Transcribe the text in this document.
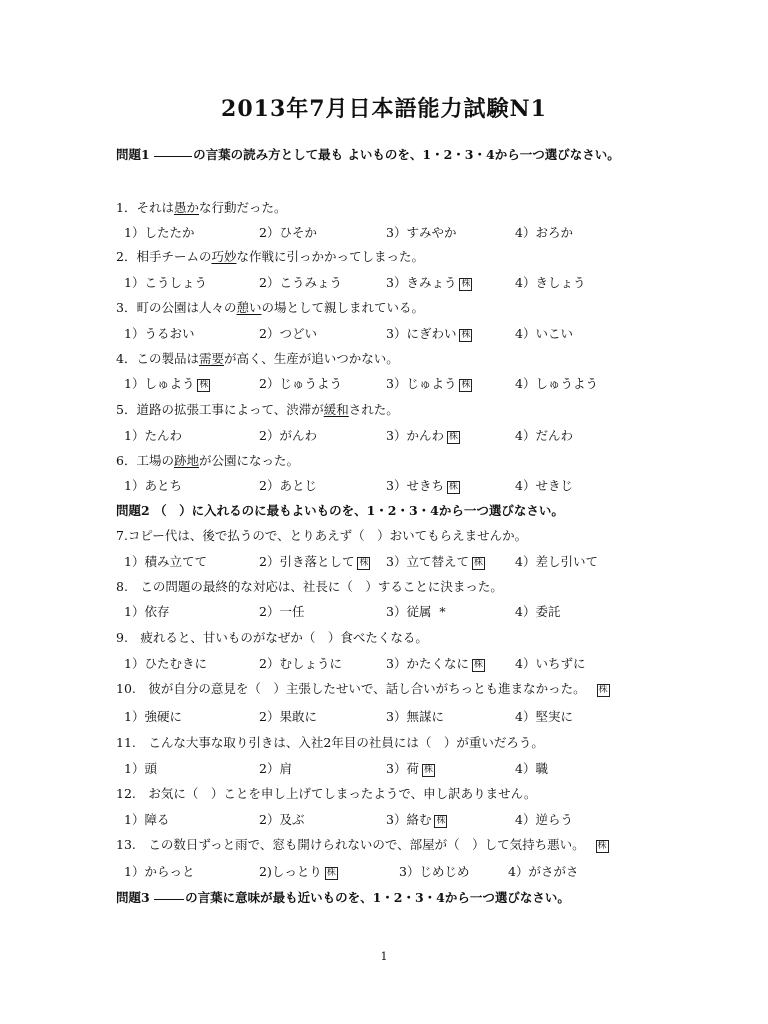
2013年7月日本語能力試験N1
問題1	の言葉の読み方として最も よいものを、1・2・3・4から一つ選びなさい。
1．それは愚かな行動だった。
1）したたか	2）ひそか	3）すみやか	4）おろか
2．相手チームの巧妙な作戦に引っかかってしまった。
1）こうしょう	2）こうみょう	3）きみょう 株	4）きしょう
3．町の公園は人々の憩いの場として親しまれている。
1）うるおい	2）つどい	3）にぎわい 株	4）いこい
4．この製品は需要が高く、生産が追いつかない。
1）しゅよう 株	2）じゅうよう	3）じゅよう 株	4）しゅうよう
5．道路の拡張工事によって、渋滞が緩和された。
1）たんわ	2）がんわ	3）かんわ 株	4）だんわ
6．工場の跡地が公園になった。
1）あとち	2）あとじ	3）せきち 株	4）せきじ
問題2 （　）に入れるのに最もよいものを、1・2・3・4から一つ選びなさい。
7.コピー代は、後で払うので、とりあえず（　）おいてもらえませんか。
1）積み立てて	2）引き落として 株 3）立て替えて 株	4）差し引いて
8.　この問題の最終的な対応は、社長に（　）することに決まった。
1）依存	2）一任	3）従属 *	4）委託
9.　疲れると、甘いものがなぜか（　）食べたくなる。
1）ひたむきに	2）むしょうに	3）かたくなに 株	4）いちずに
10.　彼が自分の意見を（　）主張したせいで、話し合いがちっとも進まなかった。 株
1）強硬に	2）果敢に	3）無謀に	4）堅実に
11.　こんな大事な取り引きは、入社2年目の社員には（　）が重いだろう。
1）頭	2）肩	3）荷 株	4）職
12.　お気に（　）ことを申し上げてしまったようで、申し訳ありません。
1）障る	2）及ぶ	3）絡む 株	4）逆らう
13.　この数日ずっと雨で、窓も開けられないので、部屋が（　）して気持ち悪い。 株
1）からっと	2)しっとり 株	3）じめじめ	4）がさがさ
問題3	の言葉に意味が最も近いものを、1・2・3・4から一つ選びなさい。
1
